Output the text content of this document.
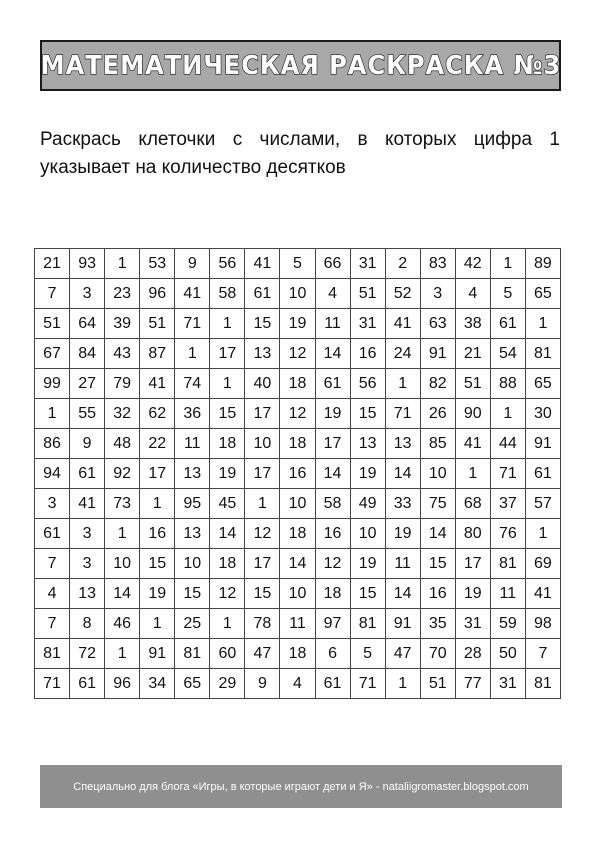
МАТЕМАТИЧЕСКАЯ РАСКРАСКА №3
Раскрась клеточки с числами, в которых цифра 1
указывает на количество десятков
21	93	1	53	9	56	41	5	66	31	2	83	42	1	89
7	3	23	96	41	58	61	10	4	51	52	3	4	5	65
51	64	39	51	71	1	15	19	11	31	41	63	38	61	1
67	84	43	87	1	17	13	12	14	16	24	91	21	54	81
99	27	79	41	74	1	40	18	61	56	1	82	51	88	65
1	55	32	62	36	15	17	12	19	15	71	26	90	1	30
86	9	48	22	11	18	10	18	17	13	13	85	41	44	91
94	61	92	17	13	19	17	16	14	19	14	10	1	71	61
3	41	73	1	95	45	1	10	58	49	33	75	68	37	57
61	3	1	16	13	14	12	18	16	10	19	14	80	76	1
7	3	10	15	10	18	17	14	12	19	11	15	17	81	69
4	13	14	19	15	12	15	10	18	15	14	16	19	11	41
7	8	46	1	25	1	78	11	97	81	91	35	31	59	98
81	72	1	91	81	60	47	18	6	5	47	70	28	50	7
71	61	96	34	65	29	9	4	61	71	1	51	77	31	81
Специально для блога «Игры, в которые играют дети и Я» - nataliigromaster.blogspot.com
